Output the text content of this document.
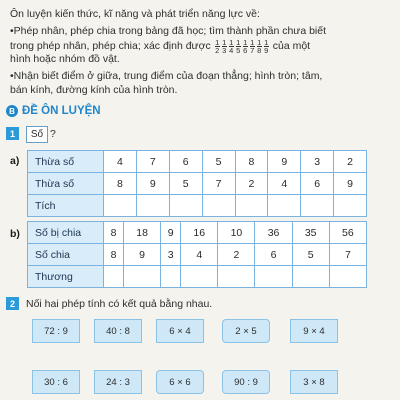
Ôn luyện kiến thức, kĩ năng và phát triển năng lực về:
•Phép nhân, phép chia trong bảng đã học; tìm thành phần chưa biết
trong phép nhân, phép chia; xác định được $\frac{1}{2} \frac{1}{3} \frac{1}{4} \frac{1}{5} \frac{1}{6} \frac{1}{7} \frac{1}{8} \frac{1}{9}$ của một
hình hoặc nhóm đồ vật.
•Nhận biết điểm ở giữa, trung điểm của đoạn thẳng; hình tròn; tâm,
bán kính, đường kính của hình tròn.
B ĐỀ ÔN LUYỆN
1	Số ?
a) Thừa số	4	7	6	5	8	9	3	2
Thừa số	8	9	5	7	2	4	6	9
Tích								
b) Số bị chia	8	18	9	16	10	36	35	56
Số chia	8	9	3	4	2	6	5	7
Thương								
2	Nối hai phép tính có kết quả bằng nhau.
72 : 9	40 : 8	6 × 4	2 × 5	9 × 4
30 : 6	24 : 3	6 × 6	90 : 9	3 × 8
